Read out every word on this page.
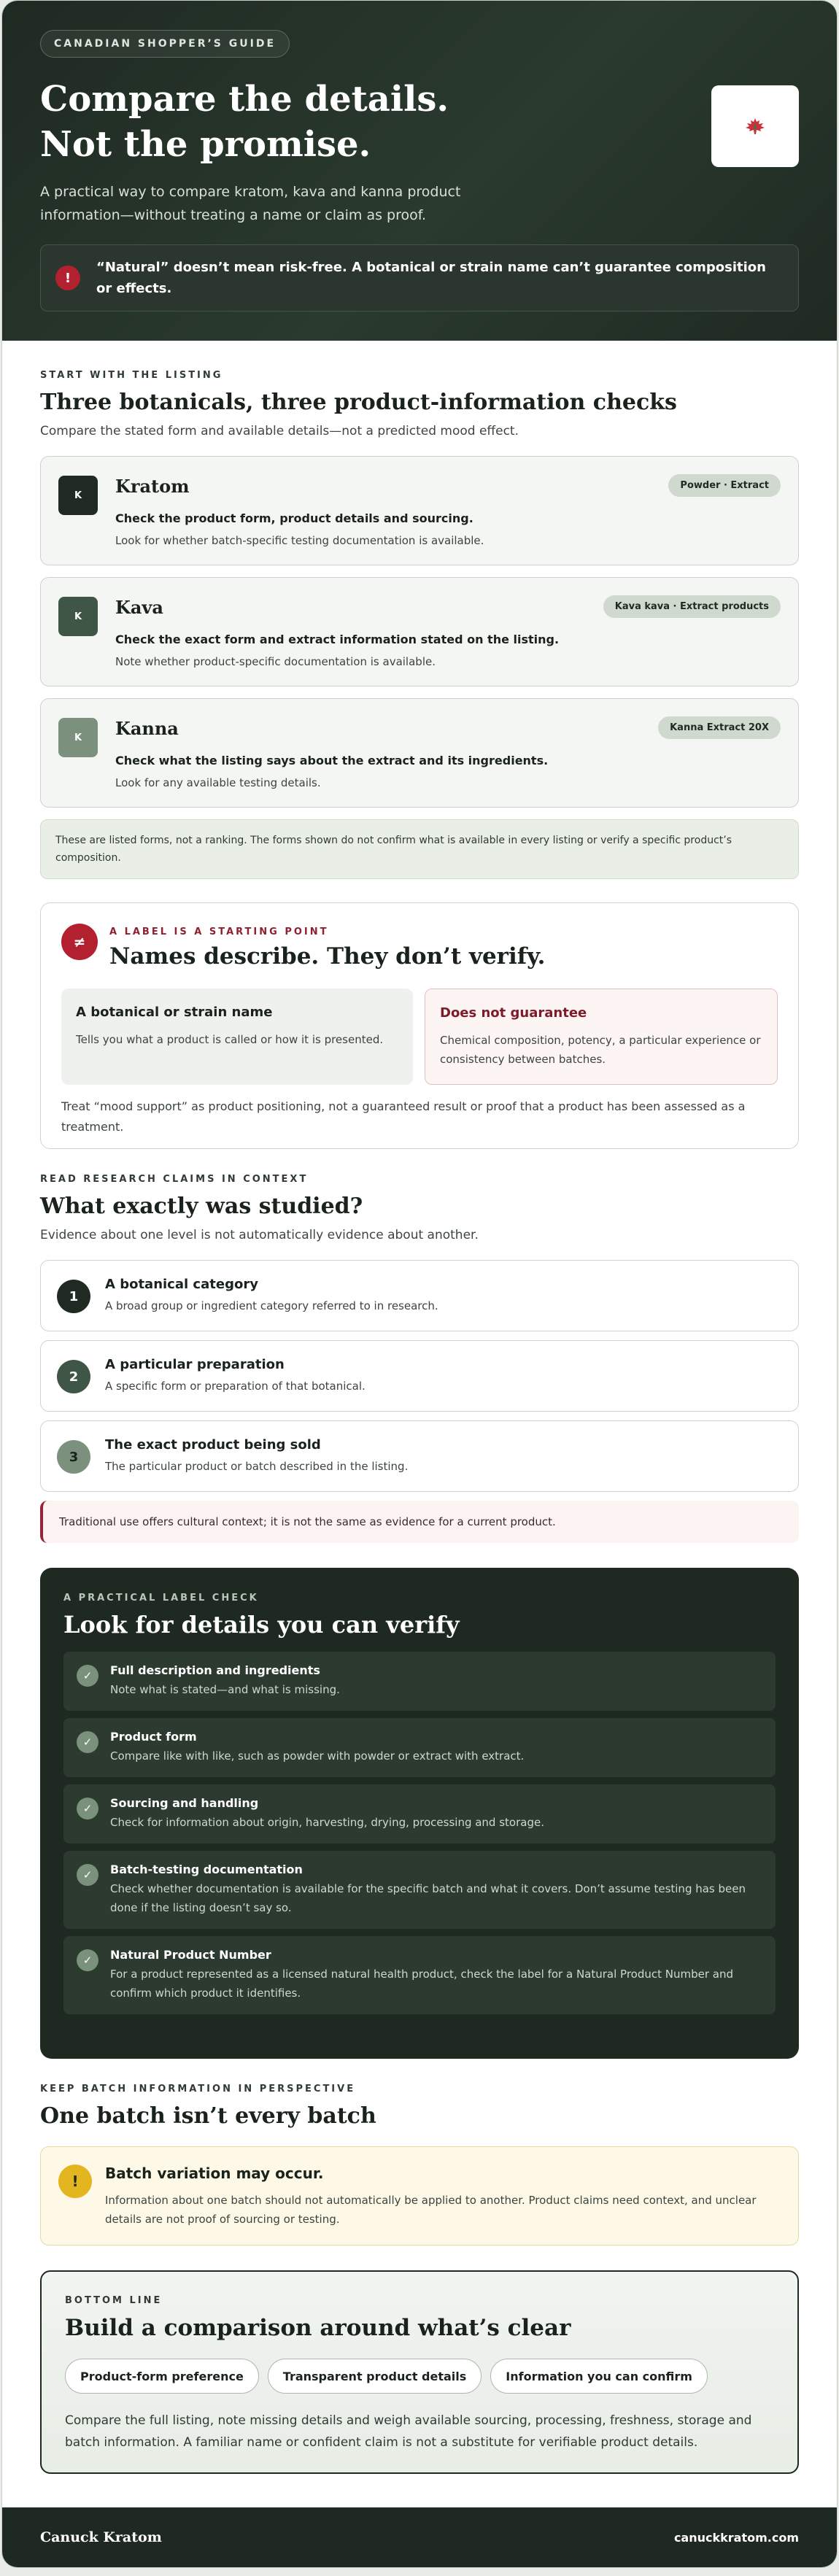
CANADIAN SHOPPER’S GUIDE
Compare the details.
Not the promise.

A practical way to compare kratom, kava and kanna product information—without treating a name or claim as proof.

!
“Natural” doesn’t mean risk-free. A botanical or strain name can’t guarantee composition or effects.
START WITH THE LISTING
Three botanicals, three product-information checks

Compare the stated form and available details—not a predicted mood effect.

K	Kratom	Powder · Extract
Check the product form, product details and sourcing.
Look for whether batch-specific testing documentation is available.
K	Kava	Kava kava · Extract products
Check the exact form and extract information stated on the listing.
Note whether product-specific documentation is available.
K	Kanna	Kanna Extract 20X
Check what the listing says about the extract and its ingredients.
Look for any available testing details.
These are listed forms, not a ranking. The forms shown do not confirm what is available in every listing or verify a specific product’s composition.
≠
A LABEL IS A STARTING POINT
Names describe. They don’t verify.
A botanical or strain name
Tells you what a product is called or how it is presented.
Does not guarantee
Chemical composition, potency, a particular experience or consistency between batches.

Treat “mood support” as product positioning, not a guaranteed result or proof that a product has been assessed as a treatment.

READ RESEARCH CLAIMS IN CONTEXT
What exactly was studied?

Evidence about one level is not automatically evidence about another.

1
A botanical category
A broad group or ingredient category referred to in research.
2
A particular preparation
A specific form or preparation of that botanical.
3
The exact product being sold
The particular product or batch described in the listing.
Traditional use offers cultural context; it is not the same as evidence for a current product.
A PRACTICAL LABEL CHECK
Look for details you can verify
✓	Full description and ingredients
Note what is stated—and what is missing.
✓	Product form
Compare like with like, such as powder with powder or extract with extract.
✓	Sourcing and handling
Check for information about origin, harvesting, drying, processing and storage.
✓	Batch-testing documentation
Check whether documentation is available for the specific batch and what it covers. Don’t assume testing has been done if the listing doesn’t say so.
✓	Natural Product Number
For a product represented as a licensed natural health product, check the label for a Natural Product Number and confirm which product it identifies.
KEEP BATCH INFORMATION IN PERSPECTIVE
One batch isn’t every batch
!	Batch variation may occur.
Information about one batch should not automatically be applied to another. Product claims need context, and unclear details are not proof of sourcing or testing.
BOTTOM LINE
Build a comparison around what’s clear
Product-form preference	Transparent product details	Information you can confirm

Compare the full listing, note missing details and weigh available sourcing, processing, freshness, storage and batch information. A familiar name or confident claim is not a substitute for verifiable product details.

Canuck Kratom	canuckkratom.com
